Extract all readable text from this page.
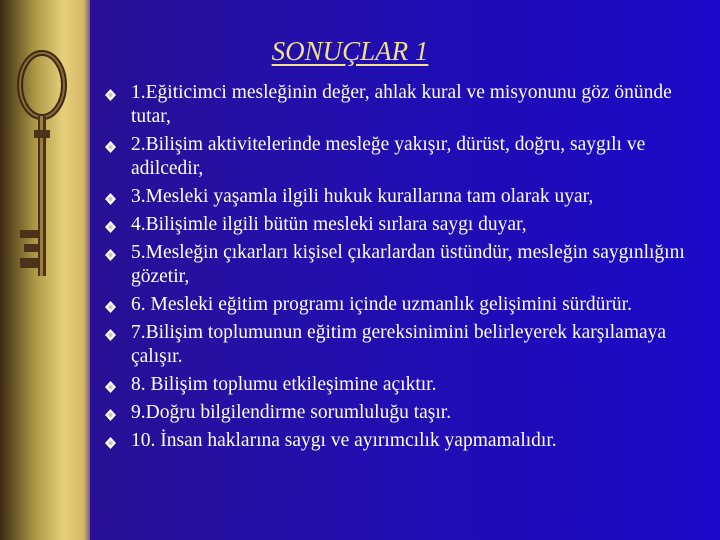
SONUÇLAR 1
1.Eğiticimci mesleğinin değer, ahlak kural ve misyonunu göz önünde tutar,
2.Bilişim aktivitelerinde mesleğe yakışır, dürüst, doğru, saygılı ve adilcedir,
3.Mesleki yaşamla ilgili hukuk kurallarına tam olarak uyar,
4.Bilişimle ilgili bütün mesleki sırlara saygı duyar,
5.Mesleğin çıkarları kişisel çıkarlardan üstündür, mesleğin saygınlığını gözetir,
6. Mesleki eğitim programı içinde uzmanlık gelişimini sürdürür.
7.Bilişim toplumunun eğitim gereksinimini belirleyerek karşılamaya çalışır.
8. Bilişim toplumu etkileşimine açıktır.
9.Doğru bilgilendirme sorumluluğu taşır.
10. İnsan haklarına saygı ve ayırımcılık yapmamalıdır.
